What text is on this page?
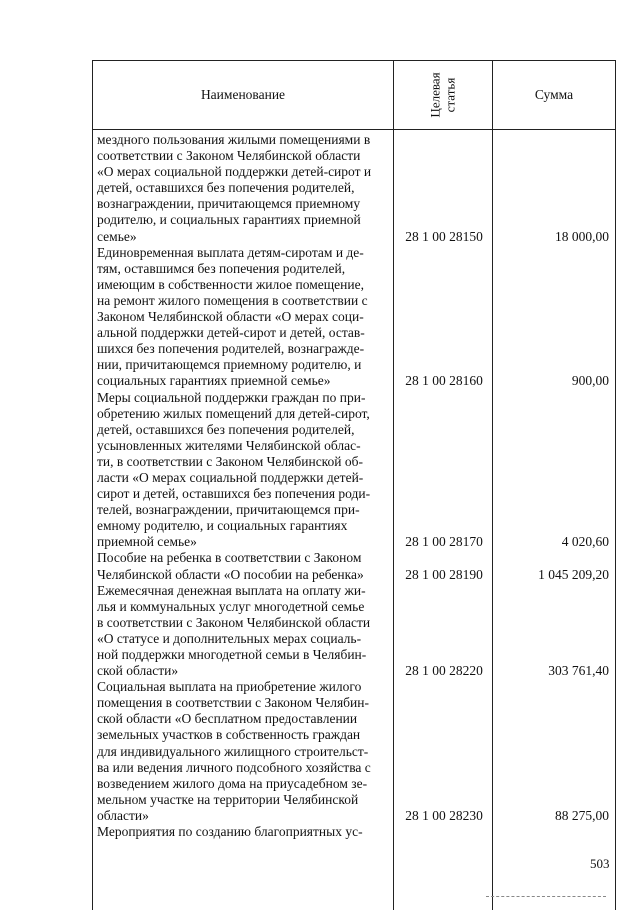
Наименование	Целевая статья	Сумма
мездного пользования жилыми помещениями в
соответствии с Законом Челябинской области
«О мерах социальной поддержки детей-сирот и
детей, оставшихся без попечения родителей,
вознаграждении, причитающемся приемному
родителю, и социальных гарантиях приемной
семье»	28 1 00 28150	18 000,00
Единовременная выплата детям-сиротам и де-
тям, оставшимся без попечения родителей,
имеющим в собственности жилое помещение,
на ремонт жилого помещения в соответствии с
Законом Челябинской области «О мерах соци-
альной поддержки детей-сирот и детей, остав-
шихся без попечения родителей, вознагражде-
нии, причитающемся приемному родителю, и
социальных гарантиях приемной семье»	28 1 00 28160	900,00
Меры социальной поддержки граждан по при-
обретению жилых помещений для детей-сирот,
детей, оставшихся без попечения родителей,
усыновленных жителями Челябинской облас-
ти, в соответствии с Законом Челябинской об-
ласти «О мерах социальной поддержки детей-
сирот и детей, оставшихся без попечения роди-
телей, вознаграждении, причитающемся при-
емному родителю, и социальных гарантиях
приемной семье»	28 1 00 28170	4 020,60
Пособие на ребенка в соответствии с Законом
Челябинской области «О пособии на ребенка»	28 1 00 28190	1 045 209,20
Ежемесячная денежная выплата на оплату жи-
лья и коммунальных услуг многодетной семье
в соответствии с Законом Челябинской области
«О статусе и дополнительных мерах социаль-
ной поддержки многодетной семьи в Челябин-
ской области»	28 1 00 28220	303 761,40
Социальная выплата на приобретение жилого
помещения в соответствии с Законом Челябин-
ской области «О бесплатном предоставлении
земельных участков в собственность граждан
для индивидуального жилищного строительст-
ва или ведения личного подсобного хозяйства с
возведением жилого дома на приусадебном зе-
мельном участке на территории Челябинской
области»	28 1 00 28230	88 275,00
Мероприятия по созданию благоприятных ус-
503
